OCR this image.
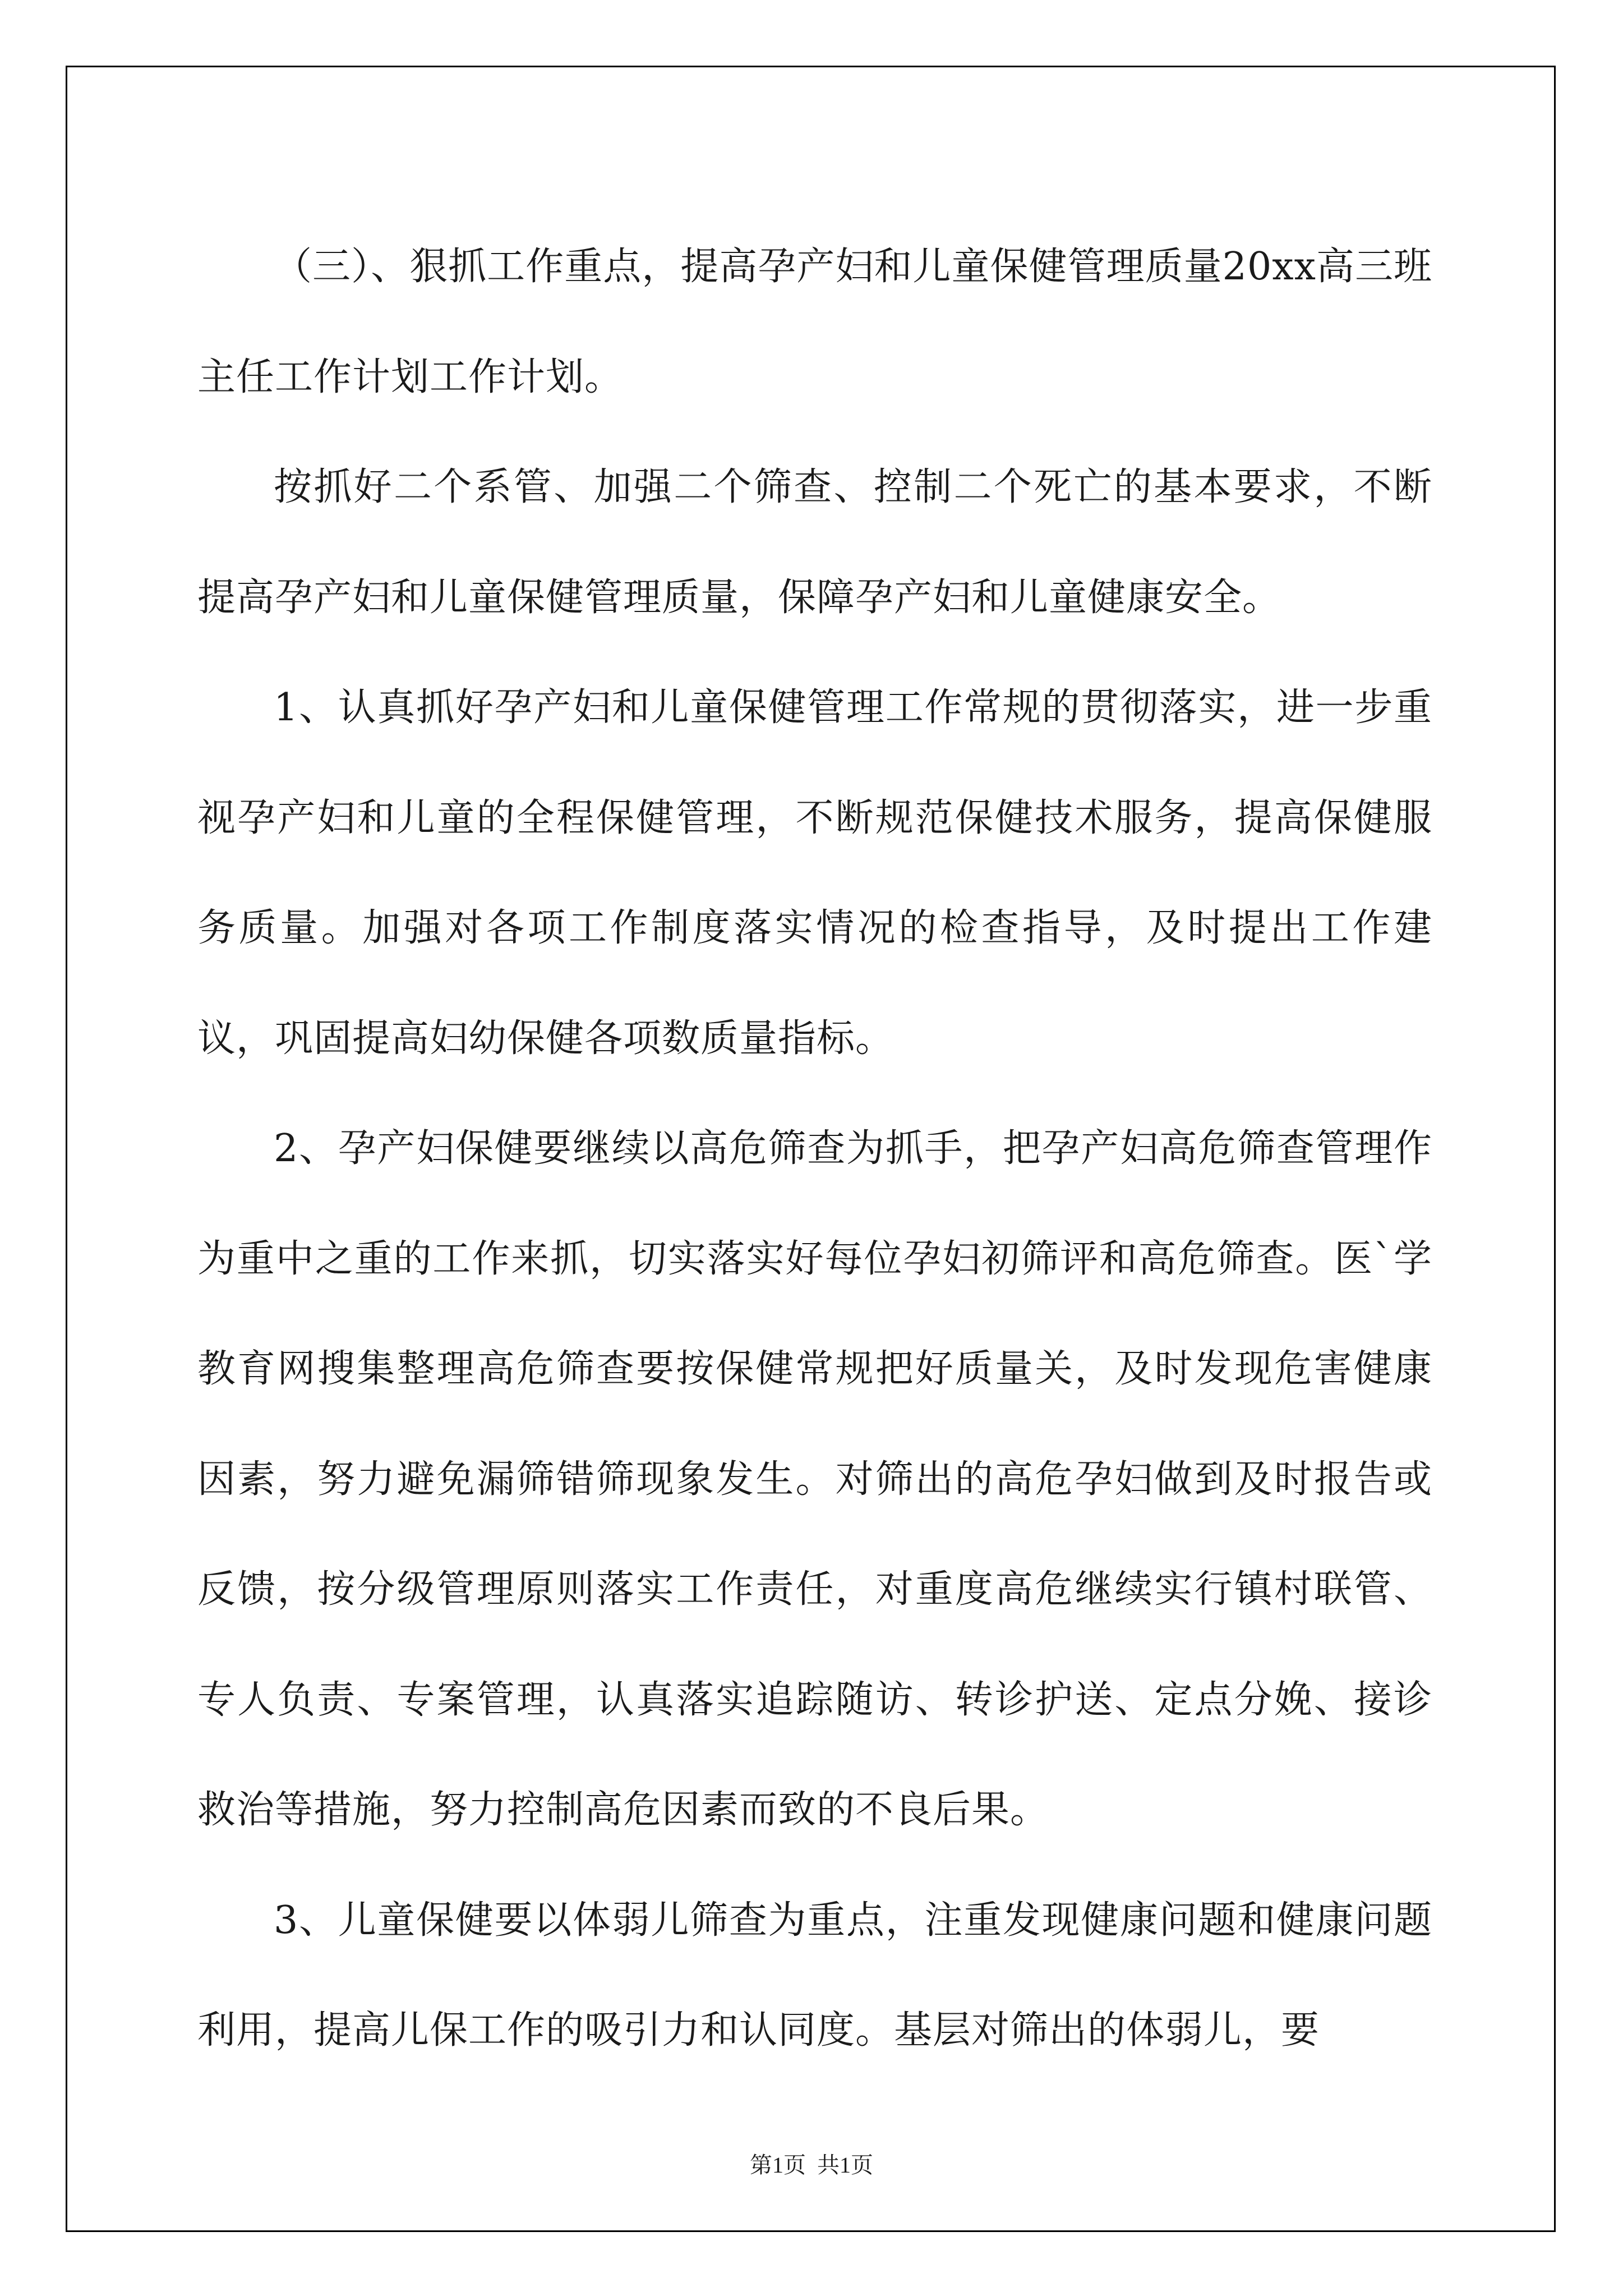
（三）、狠抓工作重点，提高孕产妇和儿童保健管理质量20xx高三班主任工作计划工作计划。

按抓好二个系管、加强二个筛查、控制二个死亡的基本要求，不断提高孕产妇和儿童保健管理质量，保障孕产妇和儿童健康安全。

1、认真抓好孕产妇和儿童保健管理工作常规的贯彻落实，进一步重视孕产妇和儿童的全程保健管理，不断规范保健技术服务，提高保健服务质量。加强对各项工作制度落实情况的检查指导，及时提出工作建议，巩固提高妇幼保健各项数质量指标。

2、孕产妇保健要继续以高危筛查为抓手，把孕产妇高危筛查管理作为重中之重的工作来抓，切实落实好每位孕妇初筛评和高危筛查。医`学教育网搜集整理高危筛查要按保健常规把好质量关，及时发现危害健康因素，努力避免漏筛错筛现象发生。对筛出的高危孕妇做到及时报告或反馈，按分级管理原则落实工作责任，对重度高危继续实行镇村联管、专人负责、专案管理，认真落实追踪随访、转诊护送、定点分娩、接诊救治等措施，努力控制高危因素而致的不良后果。

3、儿童保健要以体弱儿筛查为重点，注重发现健康问题和健康问题利用，提高儿保工作的吸引力和认同度。基层对筛出的体弱儿，要

第1页  共1页
